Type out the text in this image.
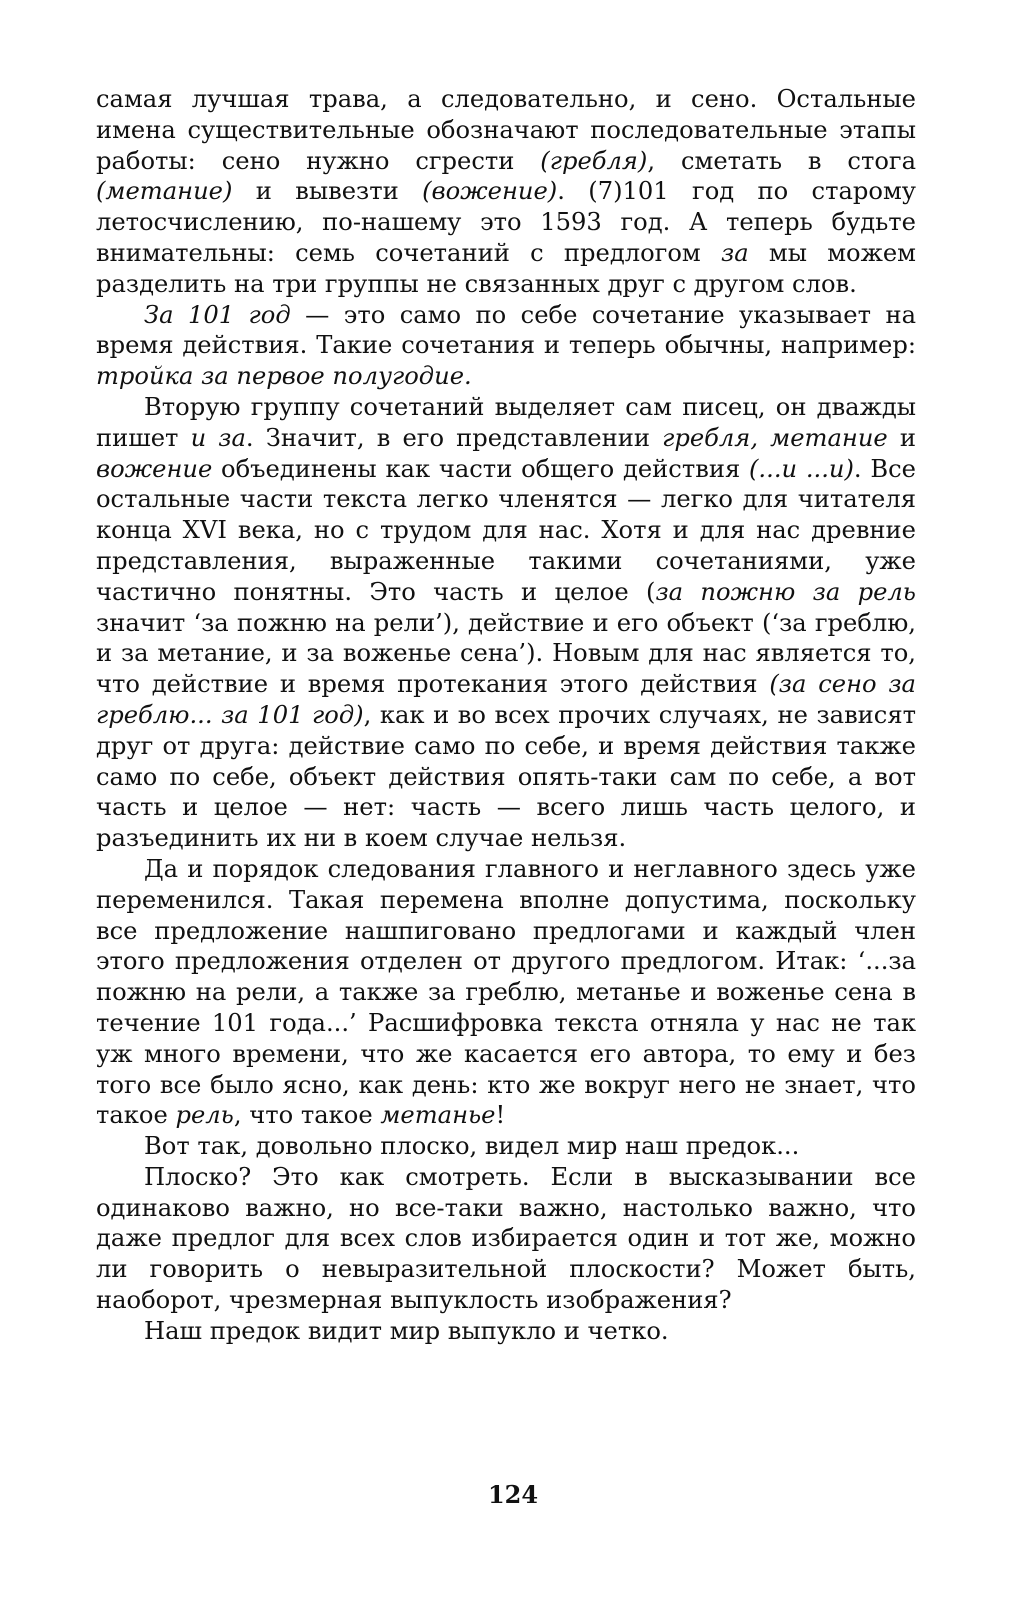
самая лучшая трава, а следовательно, и сено. Остальные имена существительные обозначают последовательные этапы работы: сено нужно сгрести (гребля), сметать в стога (метание) и вывезти (вожение). (7)101 год по старому летосчислению, по-нашему это 1593 год. А теперь будьте внимательны: семь сочетаний с предлогом за мы можем разделить на три группы не связанных друг с другом слов.

За 101 год — это само по себе сочетание указывает на время действия. Такие сочетания и теперь обычны, например: тройка за первое полугодие.

Вторую группу сочетаний выделяет сам писец, он дважды пишет и за. Значит, в его представлении гребля, метание и вожение объединены как части общего действия (...и ...и). Все остальные части текста легко членятся — легко для читателя конца XVI века, но с трудом для нас. Хотя и для нас древние представления, выраженные такими сочетаниями, уже частично понятны. Это часть и целое (за пожню за рель значит ‘за пожню на рели’), действие и его объект (‘за греблю, и за метание, и за воженье сена’). Новым для нас является то, что действие и время протекания этого действия (за сено за греблю... за 101 год), как и во всех прочих случаях, не зависят друг от друга: действие само по себе, и время действия также само по себе, объект действия опять-таки сам по себе, а вот часть и целое — нет: часть — всего лишь часть целого, и разъединить их ни в коем случае нельзя.

Да и порядок следования главного и неглавного здесь уже переменился. Такая перемена вполне допустима, поскольку все предложение нашпиговано предлогами и каждый член этого предложения отделен от другого предлогом. Итак: ‘...за пожню на рели, а также за греблю, метанье и воженье сена в течение 101 года...’ Расшифровка текста отняла у нас не так уж много времени, что же касается его автора, то ему и без того все было ясно, как день: кто же вокруг него не знает, что такое рель, что такое метанье!

Вот так, довольно плоско, видел мир наш предок...

Плоско? Это как смотреть. Если в высказывании все одинаково важно, но все-таки важно, настолько важно, что даже предлог для всех слов избирается один и тот же, можно ли говорить о невыразительной плоскости? Может быть, наоборот, чрезмерная выпуклость изображения?

Наш предок видит мир выпукло и четко.

124
